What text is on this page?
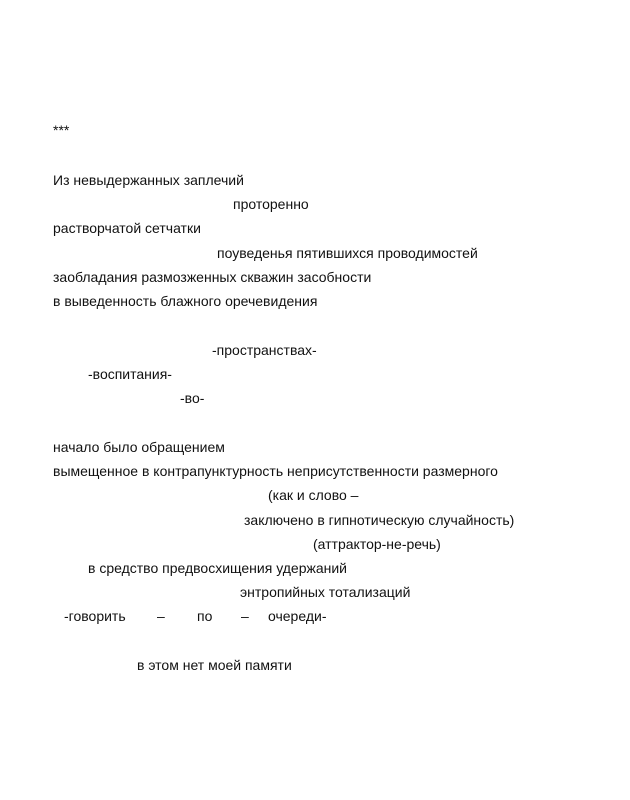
***
Из невыдержанных заплечий
проторенно
растворчатой сетчатки
поуведенья пятившихся проводимостей
заобладания размозженных скважин засобности
в выведенность блажного оречевидения
-пространствах-
-воспитания-
-во-
начало было обращением
вымещенное в контрапунктурность неприсутственности размерного
(как и слово –
заключено в гипнотическую случайность)
(аттрактор-не-речь)
в средство предвосхищения удержаний
энтропийных тотализаций
-говорить – по – очереди-
в этом нет моей памяти
